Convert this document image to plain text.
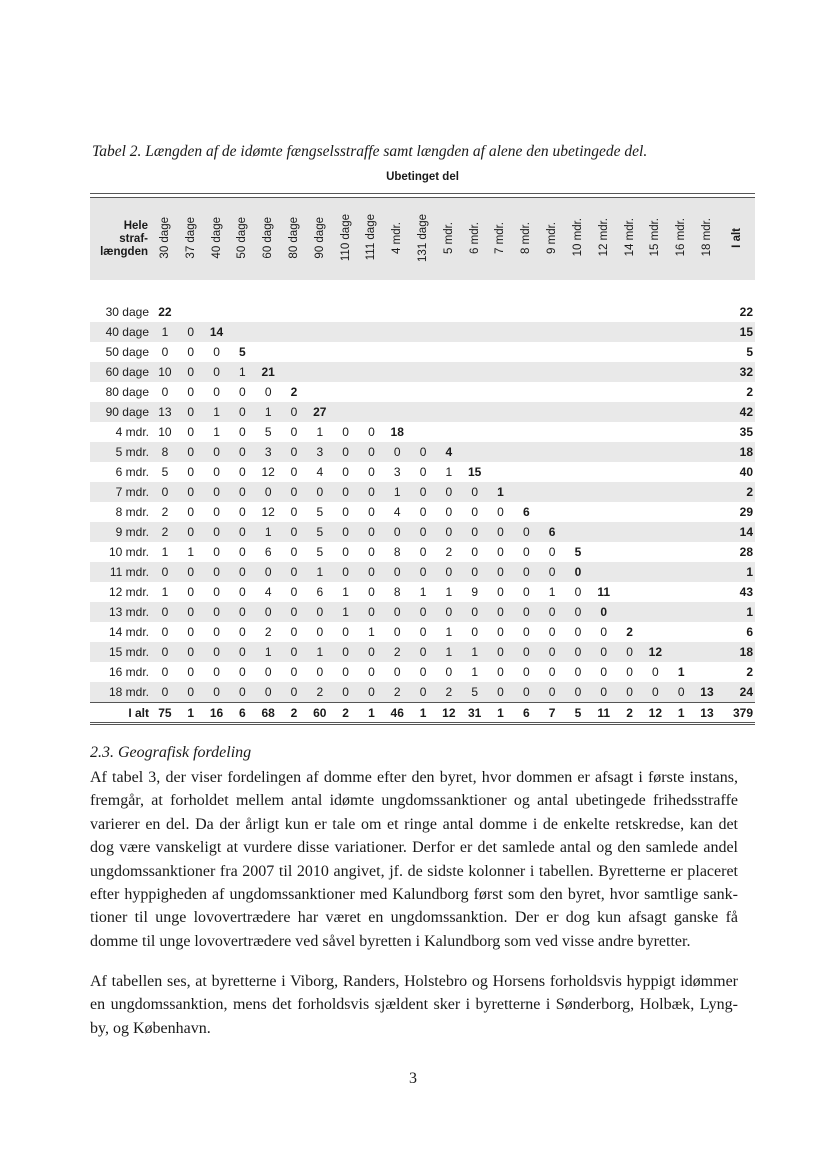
Tabel 2. Længden af de idømte fængselsstraffe samt længden af alene den ubetingede del.
Ubetinget del
Hele
straf-
længden	30 dage	37 dage	40 dage	50 dage	60 dage	80 dage	90 dage	110 dage	111 dage	4 mdr.	131 dage	5 mdr.	6 mdr.	7 mdr.	8 mdr.	9 mdr.	10 mdr.	12 mdr.	14 mdr.	15 mdr.	16 mdr.	18 mdr.	I alt

30 dage	22																						22
40 dage	1	0	14																				15
50 dage	0	0	0	5																			5
60 dage	10	0	0	1	21																		32
80 dage	0	0	0	0	0	2																	2
90 dage	13	0	1	0	1	0	27																42
4 mdr.	10	0	1	0	5	0	1	0	0	18													35
5 mdr.	8	0	0	0	3	0	3	0	0	0	0	4											18
6 mdr.	5	0	0	0	12	0	4	0	0	3	0	1	15										40
7 mdr.	0	0	0	0	0	0	0	0	0	1	0	0	0	1									2
8 mdr.	2	0	0	0	12	0	5	0	0	4	0	0	0	0	6								29
9 mdr.	2	0	0	0	1	0	5	0	0	0	0	0	0	0	0	6							14
10 mdr.	1	1	0	0	6	0	5	0	0	8	0	2	0	0	0	0	5						28
11 mdr.	0	0	0	0	0	0	1	0	0	0	0	0	0	0	0	0	0						1
12 mdr.	1	0	0	0	4	0	6	1	0	8	1	1	9	0	0	1	0	11					43
13 mdr.	0	0	0	0	0	0	0	1	0	0	0	0	0	0	0	0	0	0					1
14 mdr.	0	0	0	0	2	0	0	0	1	0	0	1	0	0	0	0	0	0	2				6
15 mdr.	0	0	0	0	1	0	1	0	0	2	0	1	1	0	0	0	0	0	0	12			18
16 mdr.	0	0	0	0	0	0	0	0	0	0	0	0	1	0	0	0	0	0	0	0	1		2
18 mdr.	0	0	0	0	0	0	2	0	0	2	0	2	5	0	0	0	0	0	0	0	0	13	24
I alt	75	1	16	6	68	2	60	2	1	46	1	12	31	1	6	7	5	11	2	12	1	13	379
2.3. Geografisk fordeling
Af tabel 3, der viser fordelingen af domme efter den byret, hvor dommen er afsagt i første instans,
fremgår, at forholdet mellem antal idømte ungdomssanktioner og antal ubetingede frihedsstraffe
varierer en del. Da der årligt kun er tale om et ringe antal domme i de enkelte retskredse, kan det
dog være vanskeligt at vurdere disse variationer. Derfor er det samlede antal og den samlede andel
ungdomssanktioner fra 2007 til 2010 angivet, jf. de sidste kolonner i tabellen. Byretterne er placeret
efter hyppigheden af ungdomssanktioner med Kalundborg først som den byret, hvor samtlige sank-
tioner til unge lovovertrædere har været en ungdomssanktion. Der er dog kun afsagt ganske få
domme til unge lovovertrædere ved såvel byretten i Kalundborg som ved visse andre byretter.
Af tabellen ses, at byretterne i Viborg, Randers, Holstebro og Horsens forholdsvis hyppigt idømmer
en ungdomssanktion, mens det forholdsvis sjældent sker i byretterne i Sønderborg, Holbæk, Lyng-
by, og København.
3
